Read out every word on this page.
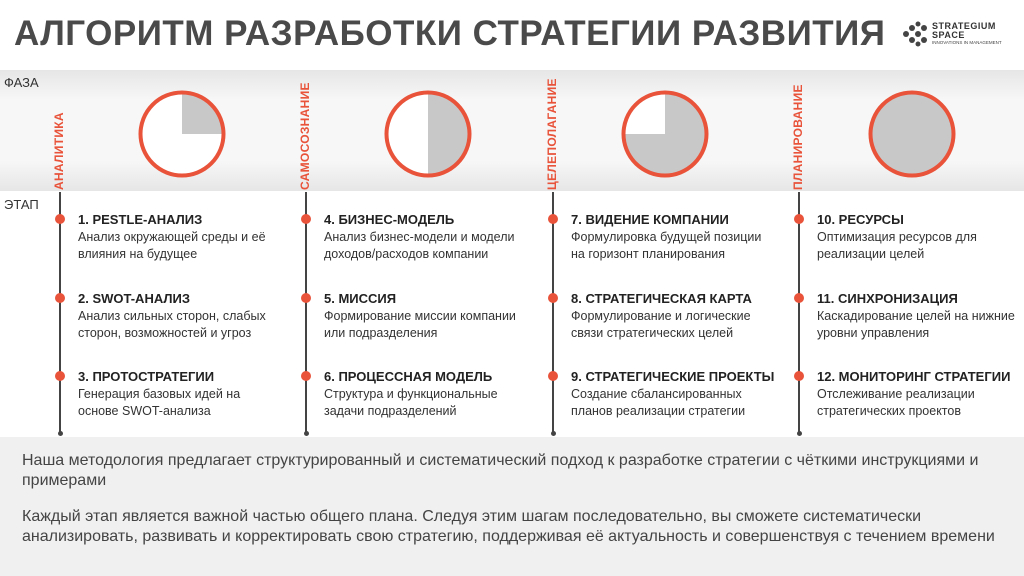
АЛГОРИТМ РАЗРАБОТКИ СТРАТЕГИИ РАЗВИТИЯ	STRATEGIUM
SPACE
INNOVATIONS IN MANAGEMENT
ФАЗА
ЭТАП
АНАЛИТИКА
1. PESTLE-АНАЛИЗ
Анализ окружающей среды и её влияния на будущее
2. SWOT-АНАЛИЗ
Анализ сильных сторон, слабых сторон, возможностей и угроз
3. ПРОТОСТРАТЕГИИ
Генерация базовых идей на основе SWOT-анализа
САМОСОЗНАНИЕ
4. БИЗНЕС-МОДЕЛЬ
Анализ бизнес-модели и модели доходов/расходов компании
5. МИССИЯ
Формирование миссии компании или подразделения
6. ПРОЦЕССНАЯ МОДЕЛЬ
Структура и функциональные задачи подразделений
ЦЕЛЕПОЛАГАНИЕ
7. ВИДЕНИЕ КОМПАНИИ
Формулировка будущей позиции на горизонт планирования
8. СТРАТЕГИЧЕСКАЯ КАРТА
Формулирование и логические связи стратегических целей
9. СТРАТЕГИЧЕСКИЕ ПРОЕКТЫ
Создание сбалансированных планов реализации стратегии
ПЛАНИРОВАНИЕ
10. РЕСУРСЫ
Оптимизация ресурсов для реализации целей
11. СИНХРОНИЗАЦИЯ
Каскадирование целей на нижние уровни управления
12. МОНИТОРИНГ СТРАТЕГИИ
Отслеживание реализации стратегических проектов

Наша методология предлагает структурированный и систематический подход к разработке стратегии с чёткими инструкциями и примерами

Каждый этап является важной частью общего плана. Следуя этим шагам последовательно, вы сможете систематически анализировать, развивать и корректировать свою стратегию, поддерживая её актуальность и совершенствуя с течением времени
